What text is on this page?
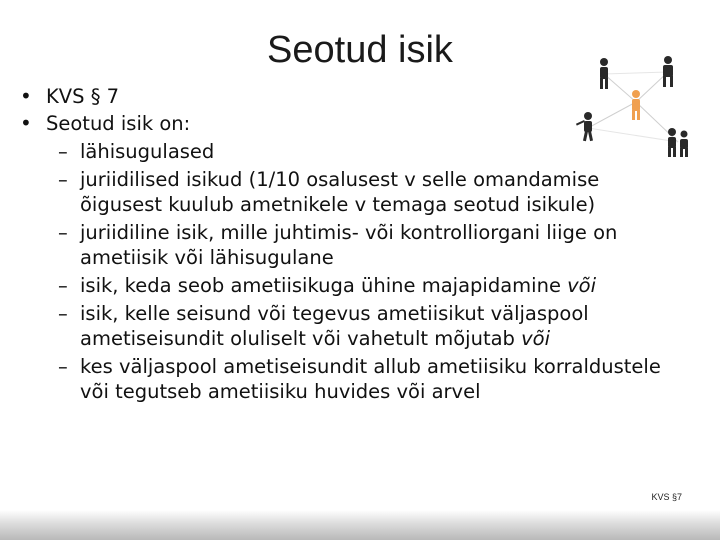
Seotud isik
• KVS § 7
• Seotud isik on:
– lähisugulased
– juriidilised isikud (1/10 osalusest v selle omandamise õigusest kuulub ametnikele v temaga seotud isikule)
– juriidiline isik, mille juhtimis- või kontrolliorgani liige on ametiisik või lähisugulane
– isik, keda seob ametiisikuga ühine majapidamine või
– isik, kelle seisund või tegevus ametiisikut väljaspool ametiseisundit oluliselt või vahetult mõjutab või
– kes väljaspool ametiseisundit allub ametiisiku korraldustele või tegutseb ametiisiku huvides või arvel
KVS §7
